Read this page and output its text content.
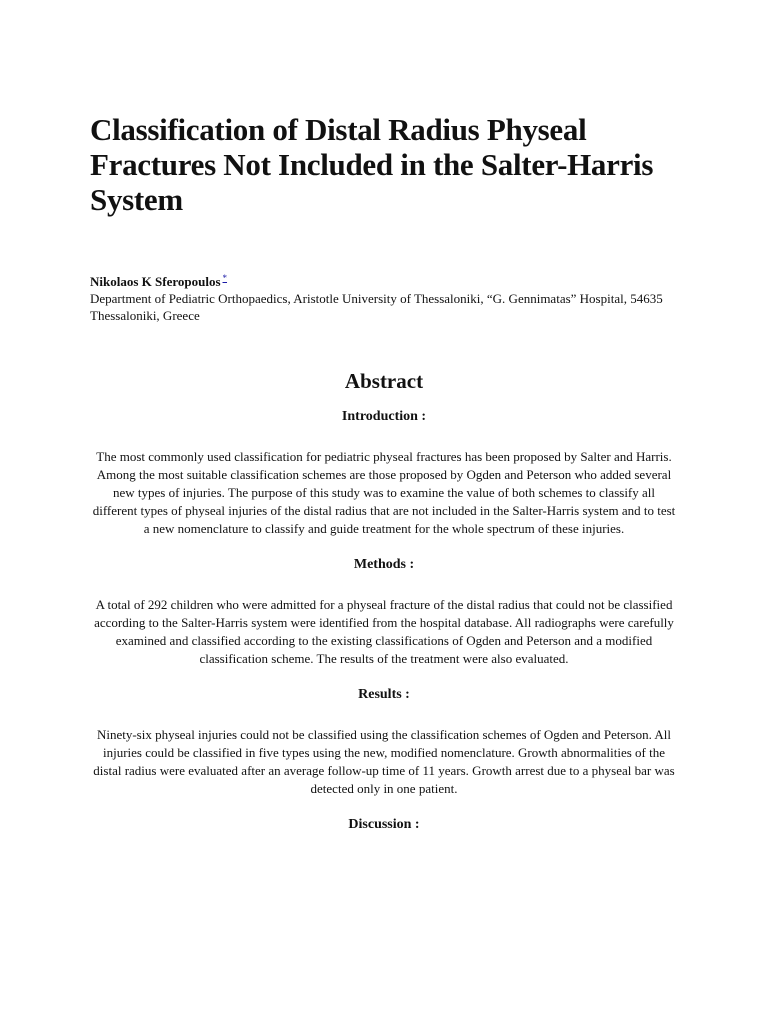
Classification of Distal Radius Physeal Fractures Not Included in the Salter-Harris System
Nikolaos K Sferopoulos *
Department of Pediatric Orthopaedics, Aristotle University of Thessaloniki, “G. Gennimatas” Hospital, 54635 Thessaloniki, Greece
Abstract
Introduction :

The most commonly used classification for pediatric physeal fractures has been proposed by Salter and Harris. Among the most suitable classification schemes are those proposed by Ogden and Peterson who added several new types of injuries. The purpose of this study was to examine the value of both schemes to classify all different types of physeal injuries of the distal radius that are not included in the Salter-Harris system and to test a new nomenclature to classify and guide treatment for the whole spectrum of these injuries.

Methods :

A total of 292 children who were admitted for a physeal fracture of the distal radius that could not be classified according to the Salter-Harris system were identified from the hospital database. All radiographs were carefully examined and classified according to the existing classifications of Ogden and Peterson and a modified classification scheme. The results of the treatment were also evaluated.

Results :

Ninety-six physeal injuries could not be classified using the classification schemes of Ogden and Peterson. All injuries could be classified in five types using the new, modified nomenclature. Growth abnormalities of the distal radius were evaluated after an average follow-up time of 11 years. Growth arrest due to a physeal bar was detected only in one patient.

Discussion :
